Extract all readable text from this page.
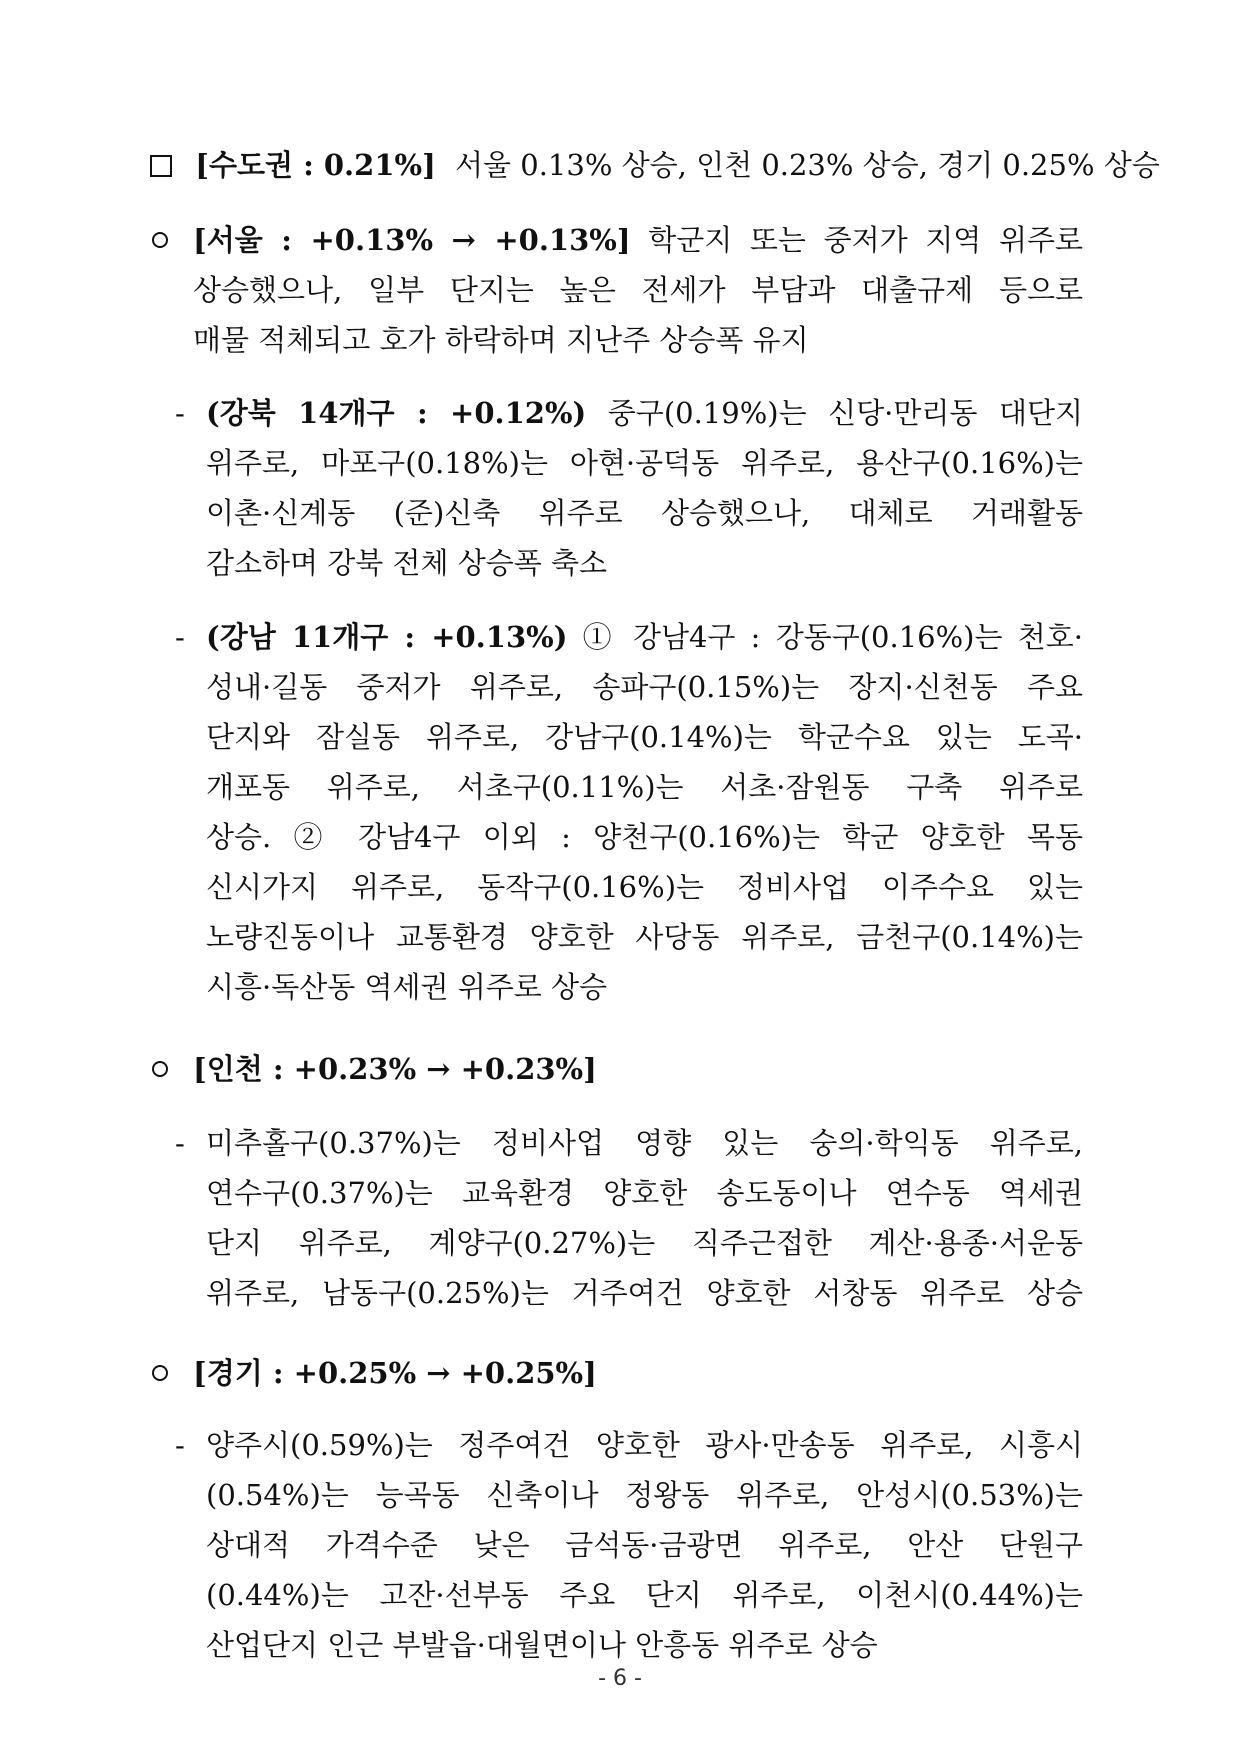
[수도권 : 0.21%] 서울 0.13% 상승, 인천 0.23% 상승, 경기 0.25% 상승
[서울 : +0.13% → +0.13%] 학군지 또는 중저가 지역 위주로
상승했으나, 일부 단지는 높은 전세가 부담과 대출규제 등으로
매물 적체되고 호가 하락하며 지난주 상승폭 유지
- (강북 14개구 : +0.12%) 중구(0.19%)는 신당·만리동 대단지
위주로, 마포구(0.18%)는 아현·공덕동 위주로, 용산구(0.16%)는
이촌·신계동 (준)신축 위주로 상승했으나, 대체로 거래활동
감소하며 강북 전체 상승폭 축소
- (강남 11개구 : +0.13%) ① 강남4구 : 강동구(0.16%)는 천호·
성내·길동 중저가 위주로, 송파구(0.15%)는 장지·신천동 주요
단지와 잠실동 위주로, 강남구(0.14%)는 학군수요 있는 도곡·
개포동 위주로, 서초구(0.11%)는 서초·잠원동 구축 위주로
상승. ② 강남4구 이외 : 양천구(0.16%)는 학군 양호한 목동
신시가지 위주로, 동작구(0.16%)는 정비사업 이주수요 있는
노량진동이나 교통환경 양호한 사당동 위주로, 금천구(0.14%)는
시흥·독산동 역세권 위주로 상승
[인천 : +0.23% → +0.23%]
- 미추홀구(0.37%)는 정비사업 영향 있는 숭의·학익동 위주로,
연수구(0.37%)는 교육환경 양호한 송도동이나 연수동 역세권
단지 위주로, 계양구(0.27%)는 직주근접한 계산·용종·서운동
위주로, 남동구(0.25%)는 거주여건 양호한 서창동 위주로 상승
[경기 : +0.25% → +0.25%]
- 양주시(0.59%)는 정주여건 양호한 광사·만송동 위주로, 시흥시
(0.54%)는 능곡동 신축이나 정왕동 위주로, 안성시(0.53%)는
상대적 가격수준 낮은 금석동·금광면 위주로, 안산 단원구
(0.44%)는 고잔·선부동 주요 단지 위주로, 이천시(0.44%)는
산업단지 인근 부발읍·대월면이나 안흥동 위주로 상승
- 6 -
